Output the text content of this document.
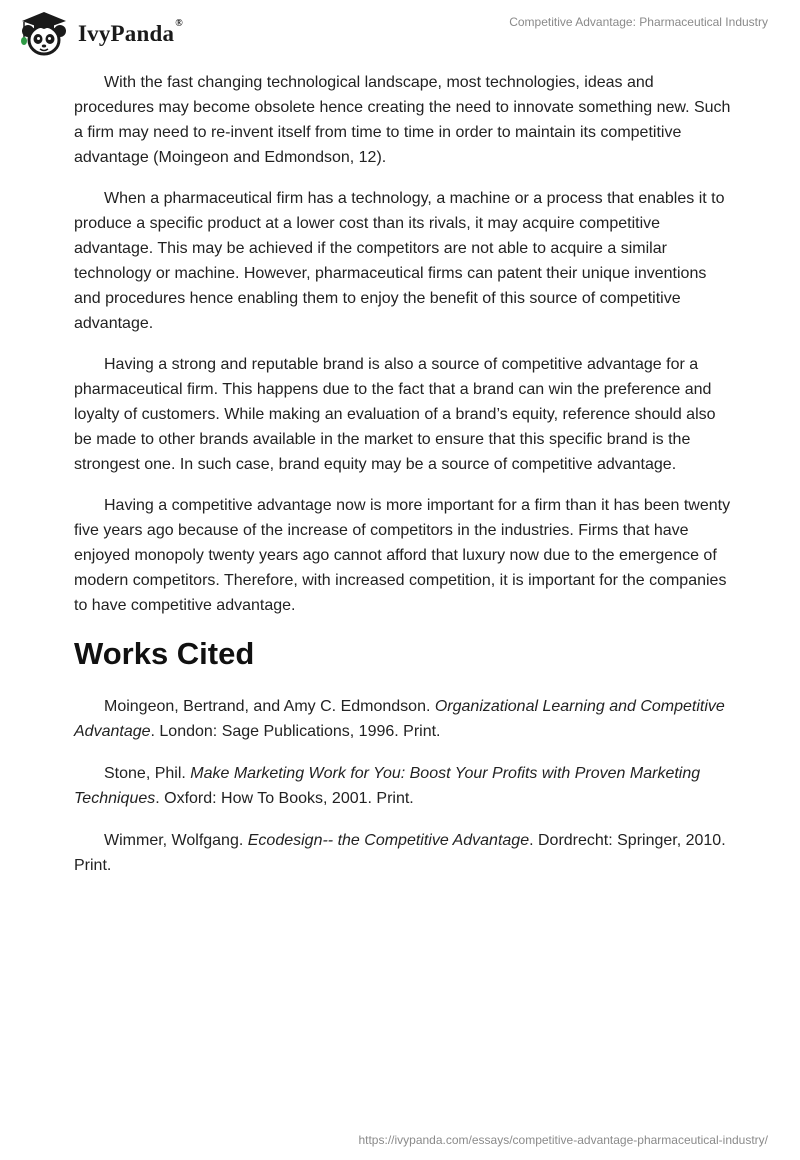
IvyPanda®	Competitive Advantage: Pharmaceutical Industry

With the fast changing technological landscape, most technologies, ideas and procedures may become obsolete hence creating the need to innovate something new. Such a firm may need to re-invent itself from time to time in order to maintain its competitive advantage (Moingeon and Edmondson, 12).

When a pharmaceutical firm has a technology, a machine or a process that enables it to produce a specific product at a lower cost than its rivals, it may acquire competitive advantage. This may be achieved if the competitors are not able to acquire a similar technology or machine. However, pharmaceutical firms can patent their unique inventions and procedures hence enabling them to enjoy the benefit of this source of competitive advantage.

Having a strong and reputable brand is also a source of competitive advantage for a pharmaceutical firm. This happens due to the fact that a brand can win the preference and loyalty of customers. While making an evaluation of a brand’s equity, reference should also be made to other brands available in the market to ensure that this specific brand is the strongest one. In such case, brand equity may be a source of competitive advantage.

Having a competitive advantage now is more important for a firm than it has been twenty five years ago because of the increase of competitors in the industries. Firms that have enjoyed monopoly twenty years ago cannot afford that luxury now due to the emergence of modern competitors. Therefore, with increased competition, it is important for the companies to have competitive advantage.

Works Cited

Moingeon, Bertrand, and Amy C. Edmondson. Organizational Learning and Competitive Advantage. London: Sage Publications, 1996. Print.

Stone, Phil. Make Marketing Work for You: Boost Your Profits with Proven Marketing Techniques. Oxford: How To Books, 2001. Print.

Wimmer, Wolfgang. Ecodesign-- the Competitive Advantage. Dordrecht: Springer, 2010. Print.

https://ivypanda.com/essays/competitive-advantage-pharmaceutical-industry/
